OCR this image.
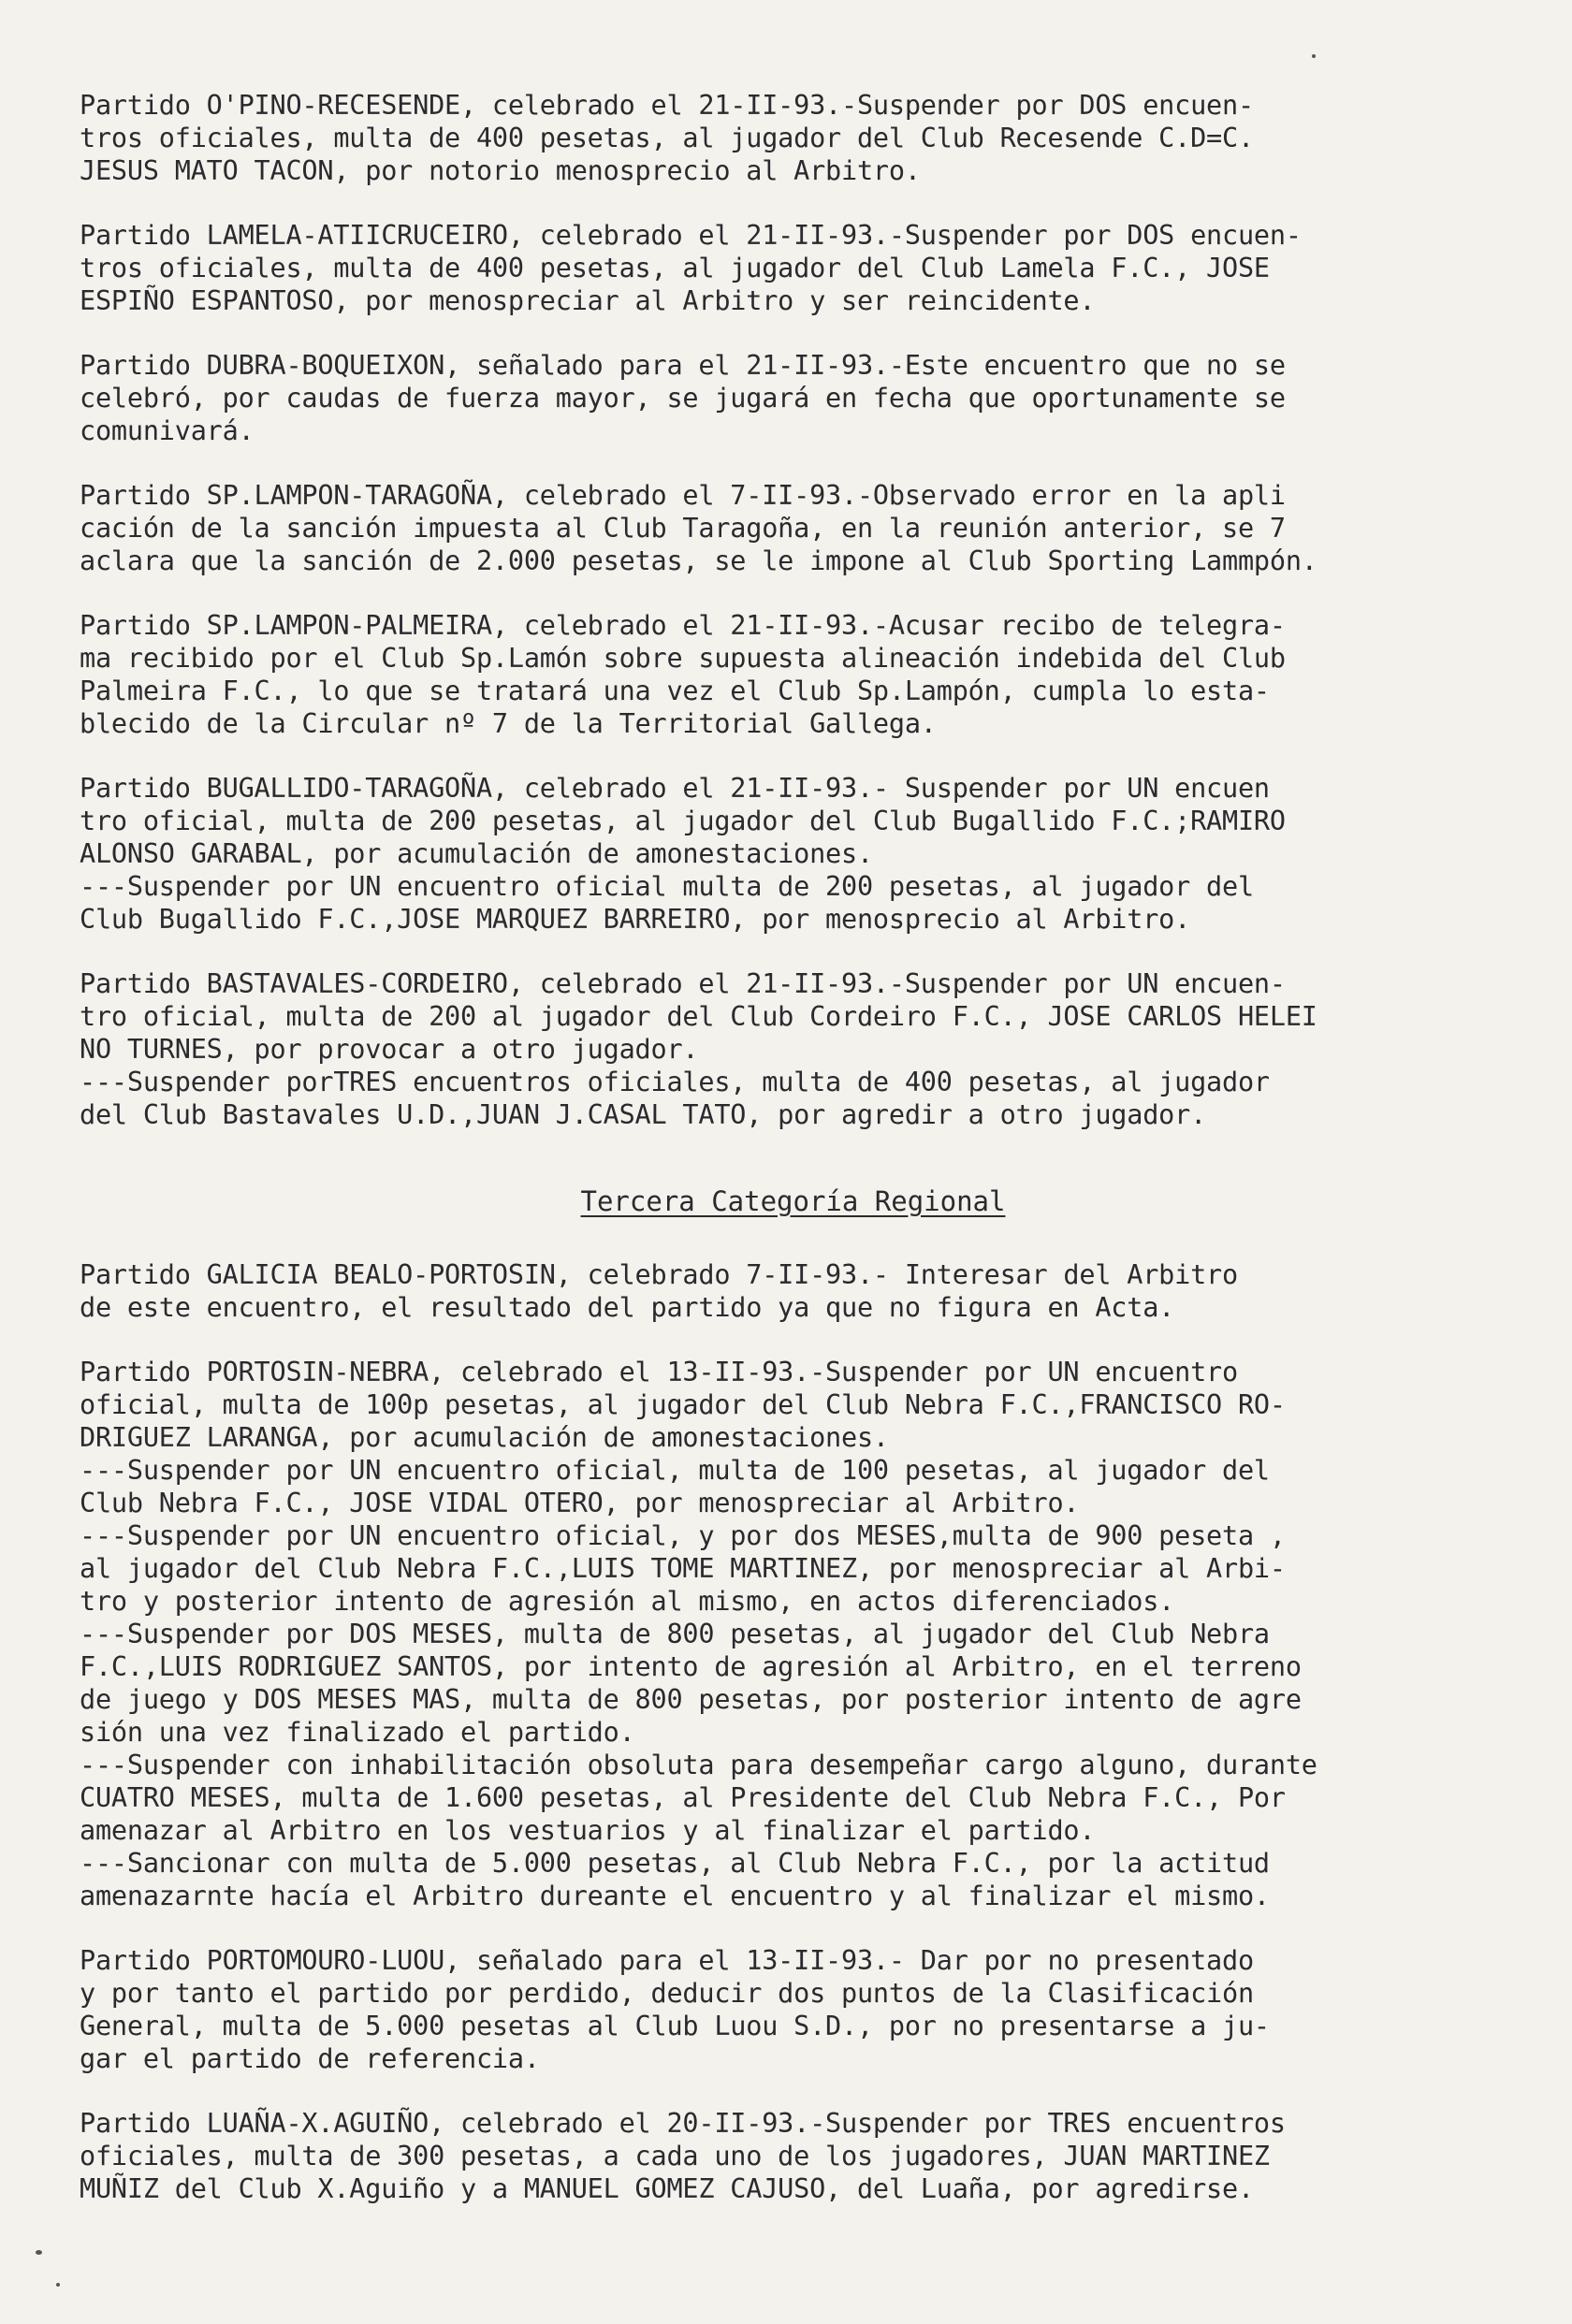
Partido O'PINO-RECESENDE, celebrado el 21-II-93.-Suspender por DOS encuen-
tros oficiales, multa de 400 pesetas, al jugador del Club Recesende C.D=C.
JESUS MATO TACON, por notorio menosprecio al Arbitro.
Partido LAMELA-ATIICRUCEIRO, celebrado el 21-II-93.-Suspender por DOS encuen-
tros oficiales, multa de 400 pesetas, al jugador del Club Lamela F.C., JOSE
ESPIÑO ESPANTOSO, por menospreciar al Arbitro y ser reincidente.
Partido DUBRA-BOQUEIXON, señalado para el 21-II-93.-Este encuentro que no se
celebró, por caudas de fuerza mayor, se jugará en fecha que oportunamente se
comunivará.
Partido SP.LAMPON-TARAGOÑA, celebrado el 7-II-93.-Observado error en la apli
cación de la sanción impuesta al Club Taragoña, en la reunión anterior, se 7
aclara que la sanción de 2.000 pesetas, se le impone al Club Sporting Lammpón.
Partido SP.LAMPON-PALMEIRA, celebrado el 21-II-93.-Acusar recibo de telegra-
ma recibido por el Club Sp.Lamón sobre supuesta alineación indebida del Club
Palmeira F.C., lo que se tratará una vez el Club Sp.Lampón, cumpla lo esta-
blecido de la Circular nº 7 de la Territorial Gallega.
Partido BUGALLIDO-TARAGOÑA, celebrado el 21-II-93.- Suspender por UN encuen
tro oficial, multa de 200 pesetas, al jugador del Club Bugallido F.C.;RAMIRO
ALONSO GARABAL, por acumulación de amonestaciones.
---Suspender por UN encuentro oficial multa de 200 pesetas, al jugador del
Club Bugallido F.C.,JOSE MARQUEZ BARREIRO, por menosprecio al Arbitro.
Partido BASTAVALES-CORDEIRO, celebrado el 21-II-93.-Suspender por UN encuen-
tro oficial, multa de 200 al jugador del Club Cordeiro F.C., JOSE CARLOS HELEI
NO TURNES, por provocar a otro jugador.
---Suspender porTRES encuentros oficiales, multa de 400 pesetas, al jugador
del Club Bastavales U.D.,JUAN J.CASAL TATO, por agredir a otro jugador.
Tercera Categoría Regional
Partido GALICIA BEALO-PORTOSIN, celebrado 7-II-93.- Interesar del Arbitro
de este encuentro, el resultado del partido ya que no figura en Acta.
Partido PORTOSIN-NEBRA, celebrado el 13-II-93.-Suspender por UN encuentro
oficial, multa de 100p pesetas, al jugador del Club Nebra F.C.,FRANCISCO RO-
DRIGUEZ LARANGA, por acumulación de amonestaciones.
---Suspender por UN encuentro oficial, multa de 100 pesetas, al jugador del
Club Nebra F.C., JOSE VIDAL OTERO, por menospreciar al Arbitro.
---Suspender por UN encuentro oficial, y por dos MESES,multa de 900 peseta ,
al jugador del Club Nebra F.C.,LUIS TOME MARTINEZ, por menospreciar al Arbi-
tro y posterior intento de agresión al mismo, en actos diferenciados.
---Suspender por DOS MESES, multa de 800 pesetas, al jugador del Club Nebra
F.C.,LUIS RODRIGUEZ SANTOS, por intento de agresión al Arbitro, en el terreno
de juego y DOS MESES MAS, multa de 800 pesetas, por posterior intento de agre
sión una vez finalizado el partido.
---Suspender con inhabilitación obsoluta para desempeñar cargo alguno, durante
CUATRO MESES, multa de 1.600 pesetas, al Presidente del Club Nebra F.C., Por
amenazar al Arbitro en los vestuarios y al finalizar el partido.
---Sancionar con multa de 5.000 pesetas, al Club Nebra F.C., por la actitud
amenazarnte hacía el Arbitro dureante el encuentro y al finalizar el mismo.
Partido PORTOMOURO-LUOU, señalado para el 13-II-93.- Dar por no presentado
y por tanto el partido por perdido, deducir dos puntos de la Clasificación
General, multa de 5.000 pesetas al Club Luou S.D., por no presentarse a ju-
gar el partido de referencia.
Partido LUAÑA-X.AGUIÑO, celebrado el 20-II-93.-Suspender por TRES encuentros
oficiales, multa de 300 pesetas, a cada uno de los jugadores, JUAN MARTINEZ
MUÑIZ del Club X.Aguiño y a MANUEL GOMEZ CAJUSO, del Luaña, por agredirse.
